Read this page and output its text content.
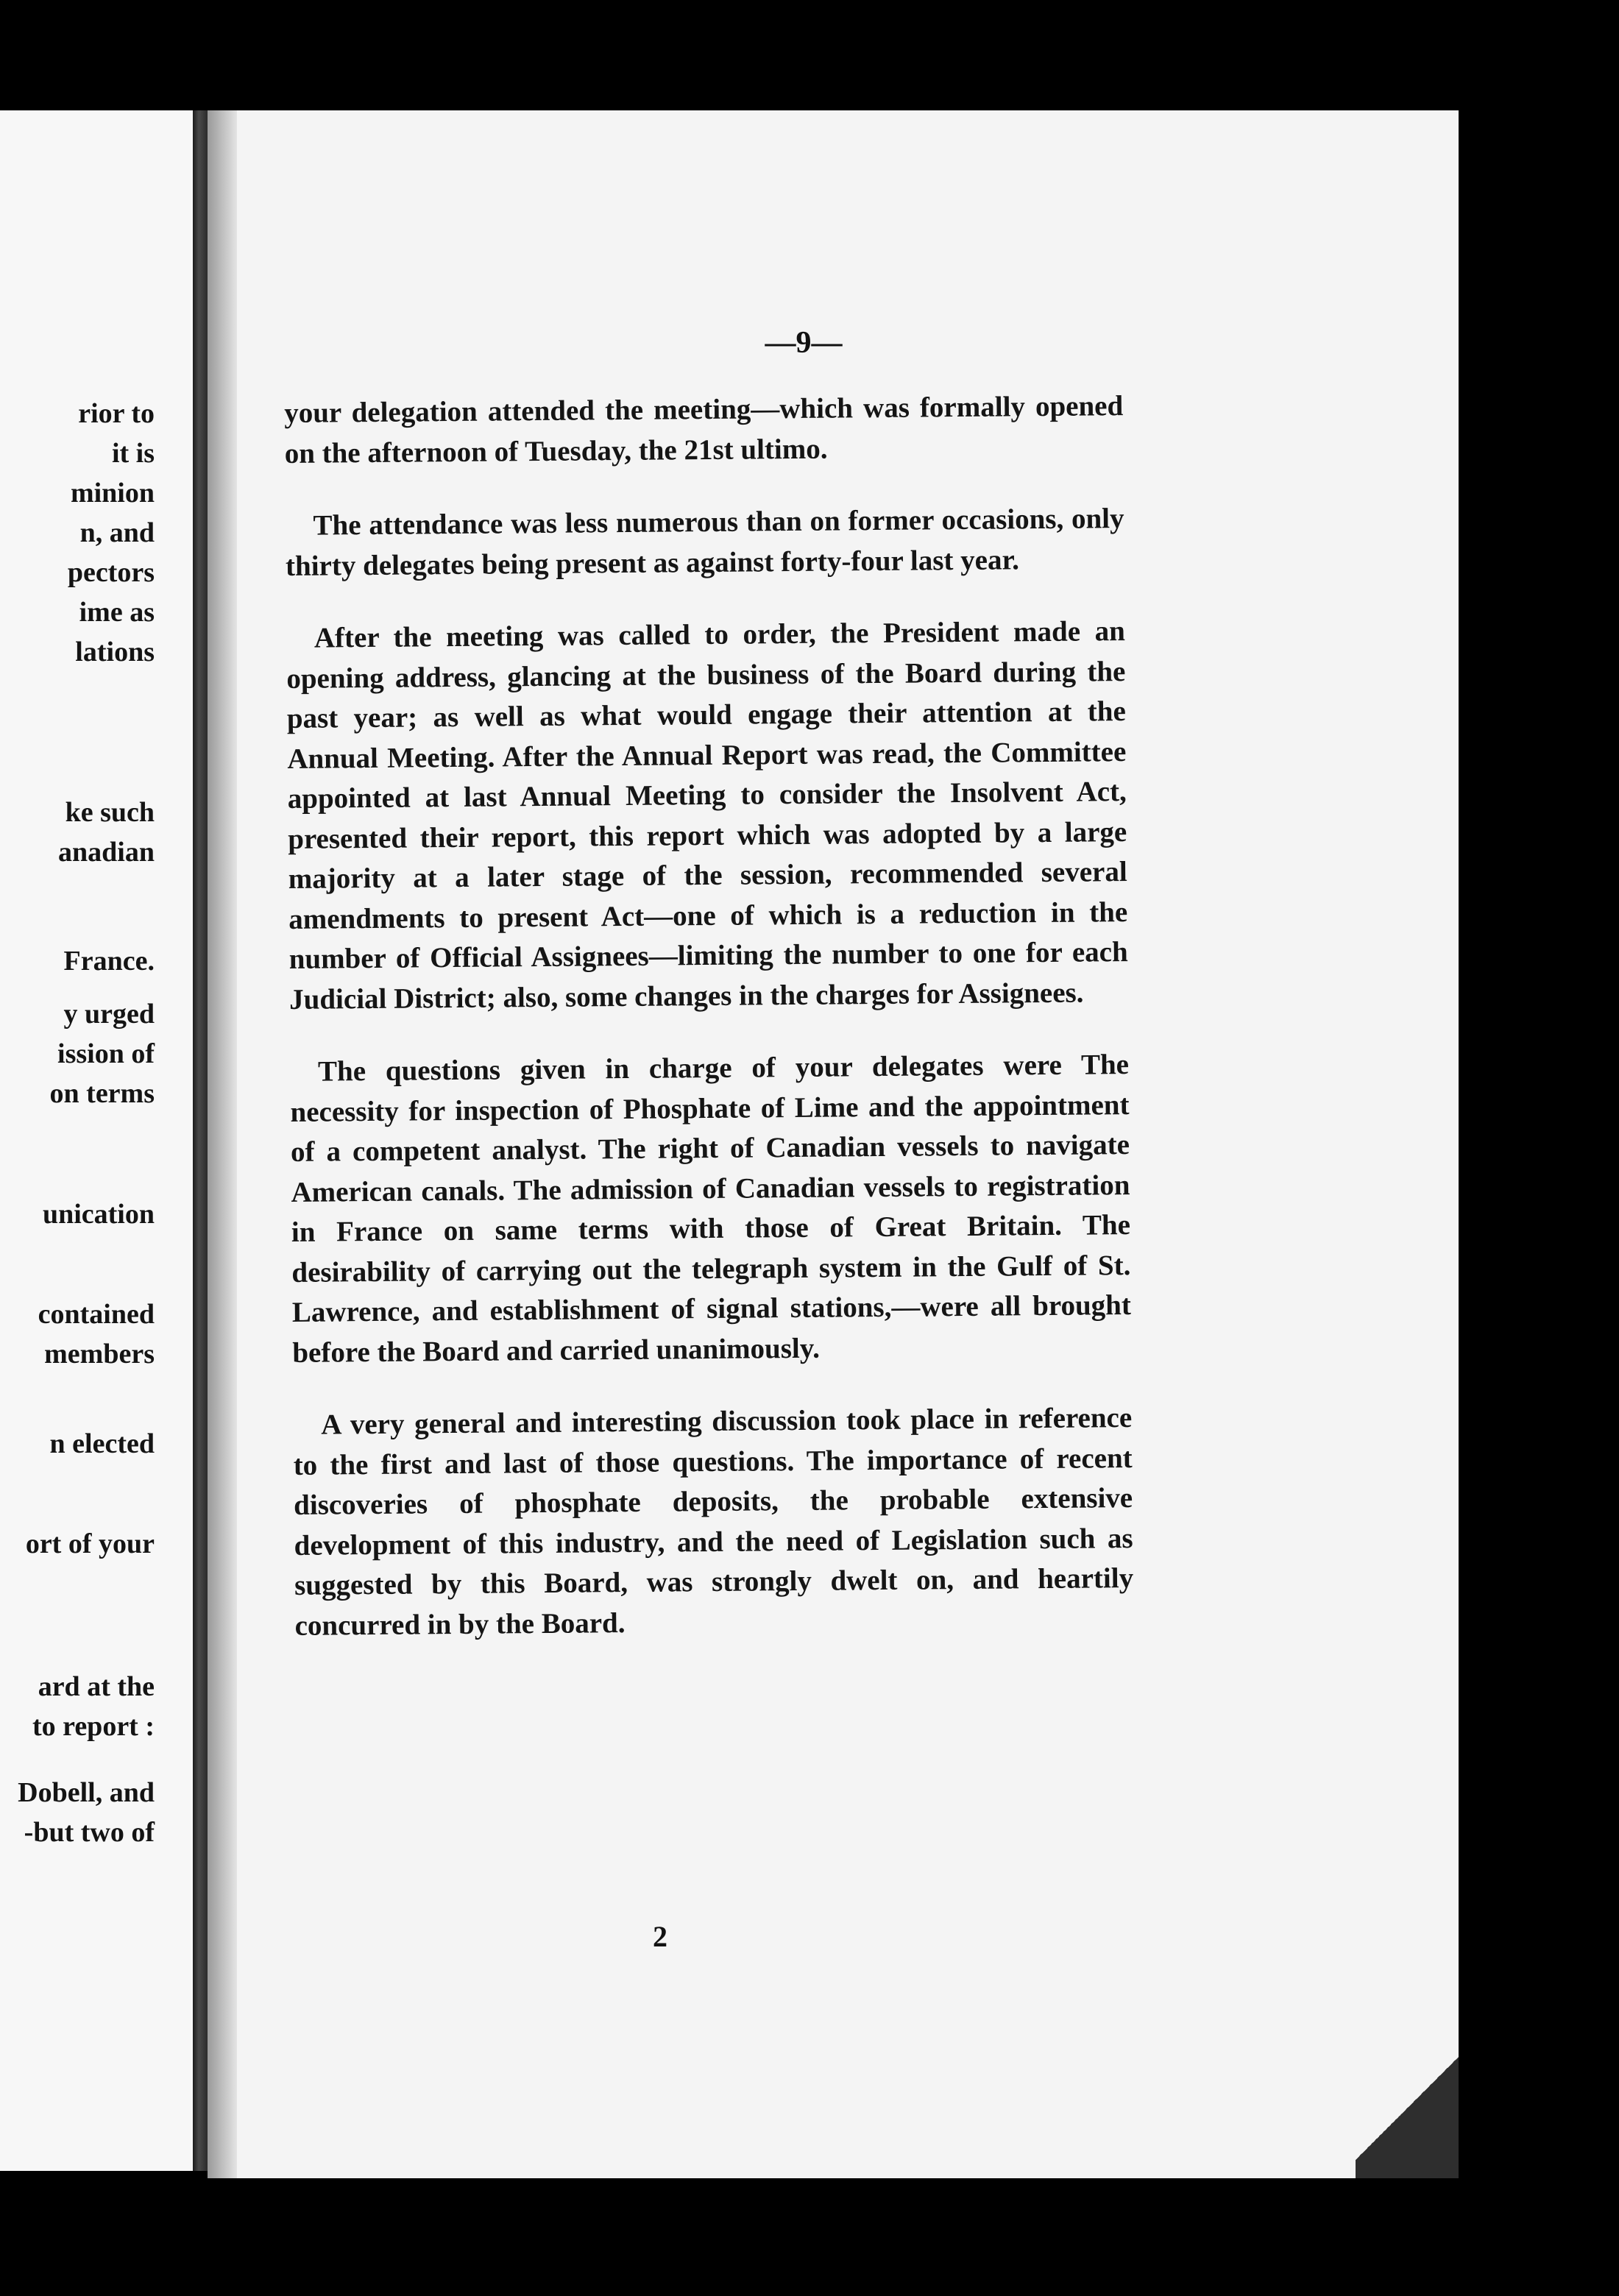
rior to
it is
minion
n, and
pectors
ime as
lations
ke such
anadian
France.
y urged
ission of
on terms
unication
contained
members
n elected
ort of your
ard at the
to report :
Dobell, and
-but two of
—9—

your delegation attended the meeting—which was formally opened on the afternoon of Tuesday, the 21st ultimo.

The attendance was less numerous than on former occasions, only thirty delegates being present as against forty-four last year.

After the meeting was called to order, the President made an opening address, glancing at the business of the Board during the past year; as well as what would engage their attention at the Annual Meeting. After the Annual Report was read, the Committee appointed at last Annual Meeting to consider the Insolvent Act, presented their report, this report which was adopted by a large majority at a later stage of the session, recommended several amendments to present Act—one of which is a reduction in the number of Official Assignees—limiting the number to one for each Judicial District; also, some changes in the charges for Assignees.

The questions given in charge of your delegates were The necessity for inspection of Phosphate of Lime and the appointment of a competent analyst. The right of Canadian vessels to navigate American canals. The admission of Canadian vessels to registration in France on same terms with those of Great Britain. The desirability of carrying out the telegraph system in the Gulf of St. Lawrence, and establishment of signal stations,—were all brought before the Board and carried unanimously.

A very general and interesting discussion took place in reference to the first and last of those questions. The importance of recent discoveries of phosphate deposits, the probable extensive development of this industry, and the need of Legislation such as suggested by this Board, was strongly dwelt on, and heartily concurred in by the Board.

2
